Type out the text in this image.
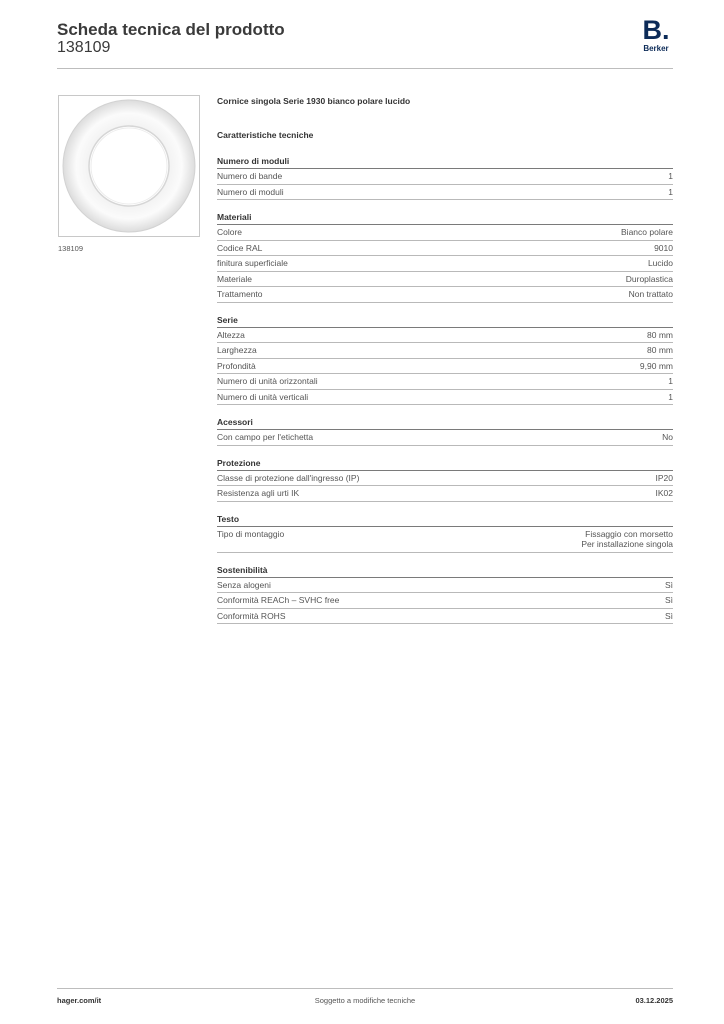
Scheda tecnica del prodotto
138109
B.
Berker
138109
Cornice singola Serie 1930 bianco polare lucido
Caratteristiche tecniche
Numero di moduli
Numero di bande	1
Numero di moduli	1
Materiali
Colore	Bianco polare
Codice RAL	9010
finitura superficiale	Lucido
Materiale	Duroplastica
Trattamento	Non trattato
Serie
Altezza	80 mm
Larghezza	80 mm
Profondità	9,90 mm
Numero di unità orizzontali	1
Numero di unità verticali	1
Acessori
Con campo per l'etichetta	No
Protezione
Classe di protezione dall'ingresso (IP)	IP20
Resistenza agli urti IK	IK02
Testo
Tipo di montaggio	Fissaggio con morsetto
Per installazione singola
Sostenibilità
Senza alogeni	Sì
Conformità REACh – SVHC free	Sì
Conformità ROHS	Sì
hager.com/it	Soggetto a modifiche tecniche	03.12.2025
